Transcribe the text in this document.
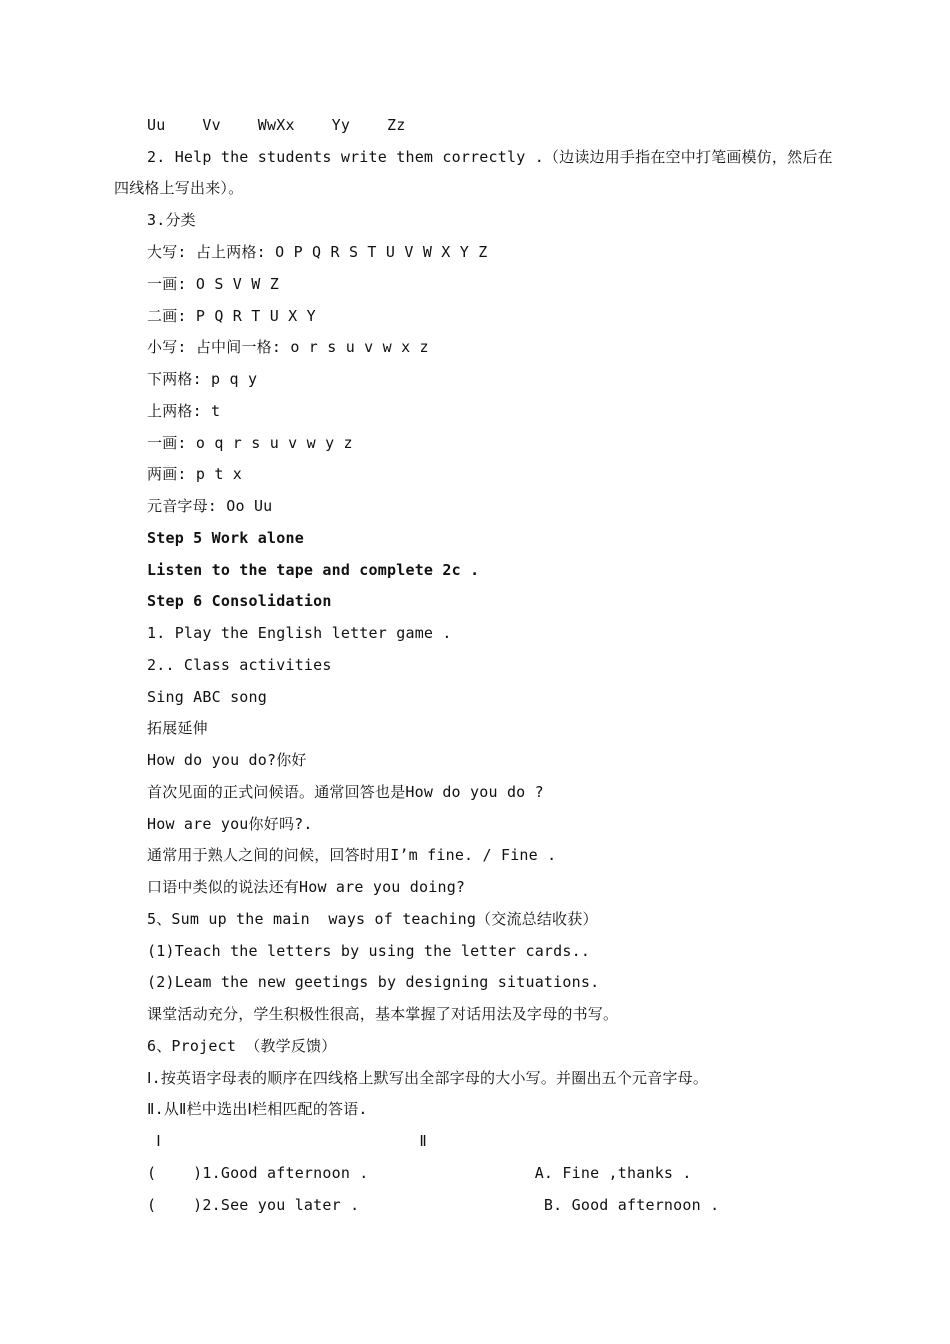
Uu    Vv    WwXx    Yy    Zz
2. Help the students write them correctly .（边读边用手指在空中打笔画模仿，然后在
四线格上写出来）。
3.分类
大写: 占上两格: O P Q R S T U V W X Y Z
一画: O S V W Z
二画: P Q R T U X Y
小写: 占中间一格: o r s u v w x z
下两格: p q y
上两格: t
一画: o q r s u v w y z
两画: p t x
元音字母: Oo Uu
Step 5 Work alone
Listen to the tape and complete 2c .
Step 6 Consolidation
1. Play the English letter game .
2.. Class activities
Sing ABC song
拓展延伸
How do you do?你好
首次见面的正式问候语。通常回答也是How do you do ?
How are you你好吗?.
通常用于熟人之间的问候，回答时用I’m fine. / Fine .
口语中类似的说法还有How are you doing?
5、Sum up the main  ways of teaching（交流总结收获）
(1)Teach the letters by using the letter cards..
(2)Leam the new geetings by designing situations.
课堂活动充分，学生积极性很高，基本掌握了对话用法及字母的书写。
6、Project （教学反馈）
Ⅰ.按英语字母表的顺序在四线格上默写出全部字母的大小写。并圈出五个元音字母。
Ⅱ.从Ⅱ栏中选出Ⅰ栏相匹配的答语.
Ⅰ                            Ⅱ
(    )1.Good afternoon .                  A. Fine ,thanks .
(    )2.See you later .                    B. Good afternoon .
